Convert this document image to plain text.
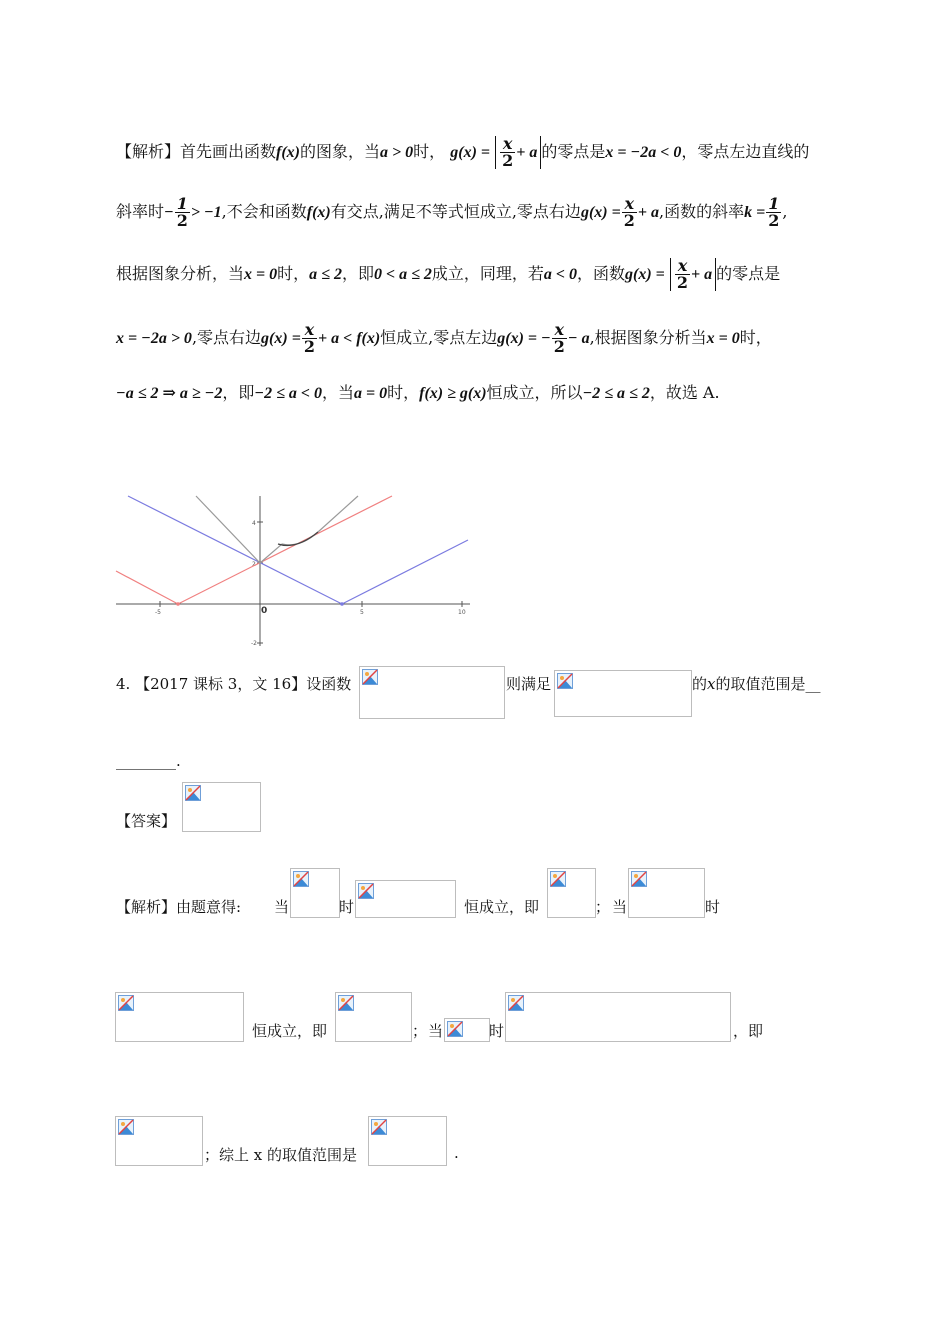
【解析】首先画出函数f(x)的图象，当a > 0时， $g(x) = \frac{x}{2} + a$ 的零点是x = −2a < 0，零点左边直线的
斜率时− $\frac{1}{2} > -1$,不会和函数f(x)有交点,满足不等式恒成立,零点右边$g(x) = \frac{x}{2} + a$,函数的斜率$k = \frac{1}{2}$ ,
根据图象分析，当x = 0时，a ≤ 2，即0 < a ≤ 2成立，同理，若a < 0，函数$g(x) = \frac{x}{2} + a$ 的零点是
x = −2a > 0,零点右边$g(x) = \frac{x}{2} + a < f(x)$恒成立,零点左边g(x) = − $\frac{x}{2} - a$,根据图象分析当x = 0时，
−a ≤ 2 ⇒ a ≥ −2，即−2 ≤ a < 0，当a = 0时，f(x) ≥ g(x)恒成立，所以−2 ≤ a ≤ 2，故选 A.
4
2
0
-5	5	10
-2
4. 【2017 课标 3，文 16】设函数	则满足	的x的取值范围是__
________.
【答案】
【解析】由题意得: 当	时	恒成立，即	； 当	时
恒成立，即	； 当	时	，即
；综上 x 的取值范围是	.
